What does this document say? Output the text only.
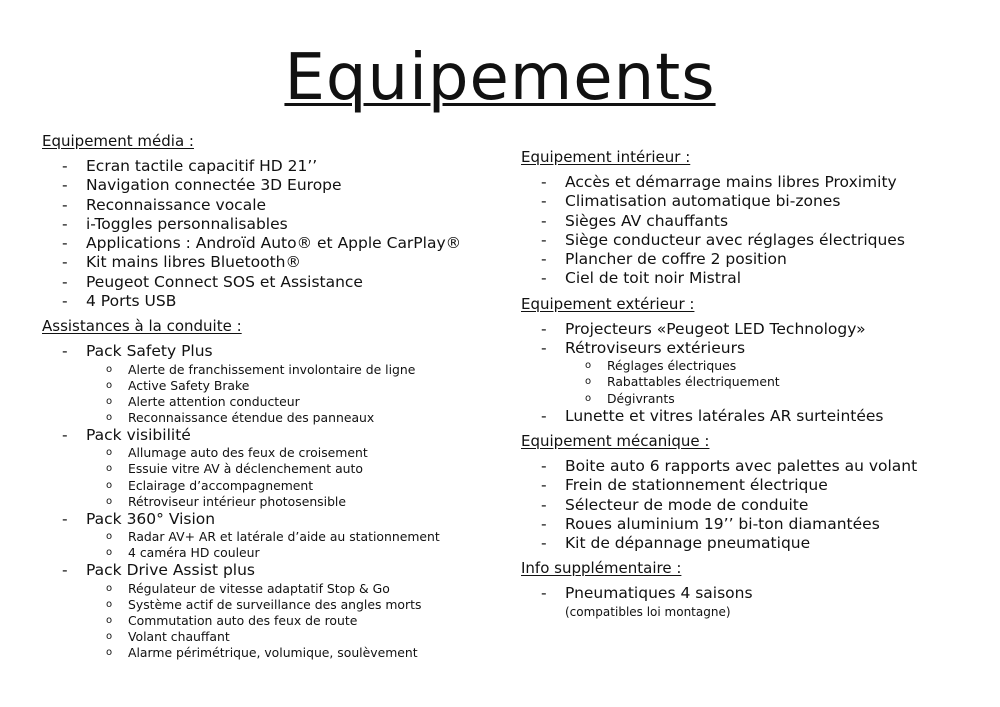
Equipements
Equipement média :
- Ecran tactile capacitif HD 21’’
- Navigation connectée 3D Europe
- Reconnaissance vocale
- i-Toggles personnalisables
- Applications : Androïd Auto® et Apple CarPlay®
- Kit mains libres Bluetooth®
- Peugeot Connect SOS et Assistance
- 4 Ports USB
Assistances à la conduite :
- Pack Safety Plus
o Alerte de franchissement involontaire de ligne
o Active Safety Brake
o Alerte attention conducteur
o Reconnaissance étendue des panneaux
- Pack visibilité
o Allumage auto des feux de croisement
o Essuie vitre AV à déclenchement auto
o Eclairage d’accompagnement
o Rétroviseur intérieur photosensible
- Pack 360° Vision
o Radar AV+ AR et latérale d’aide au stationnement
o 4 caméra HD couleur
- Pack Drive Assist plus
o Régulateur de vitesse adaptatif Stop & Go
o Système actif de surveillance des angles morts
o Commutation auto des feux de route
o Volant chauffant
o Alarme périmétrique, volumique, soulèvement
Equipement intérieur :
- Accès et démarrage mains libres Proximity
- Climatisation automatique bi-zones
- Sièges AV chauffants
- Siège conducteur avec réglages électriques
- Plancher de coffre 2 position
- Ciel de toit noir Mistral
Equipement extérieur :
- Projecteurs «Peugeot LED Technology»
- Rétroviseurs extérieurs
o Réglages électriques
o Rabattables électriquement
o Dégivrants
- Lunette et vitres latérales AR surteintées
Equipement mécanique :
- Boite auto 6 rapports avec palettes au volant
- Frein de stationnement électrique
- Sélecteur de mode de conduite
- Roues aluminium 19’’ bi-ton diamantées
- Kit de dépannage pneumatique
Info supplémentaire :
- Pneumatiques 4 saisons
(compatibles loi montagne)
